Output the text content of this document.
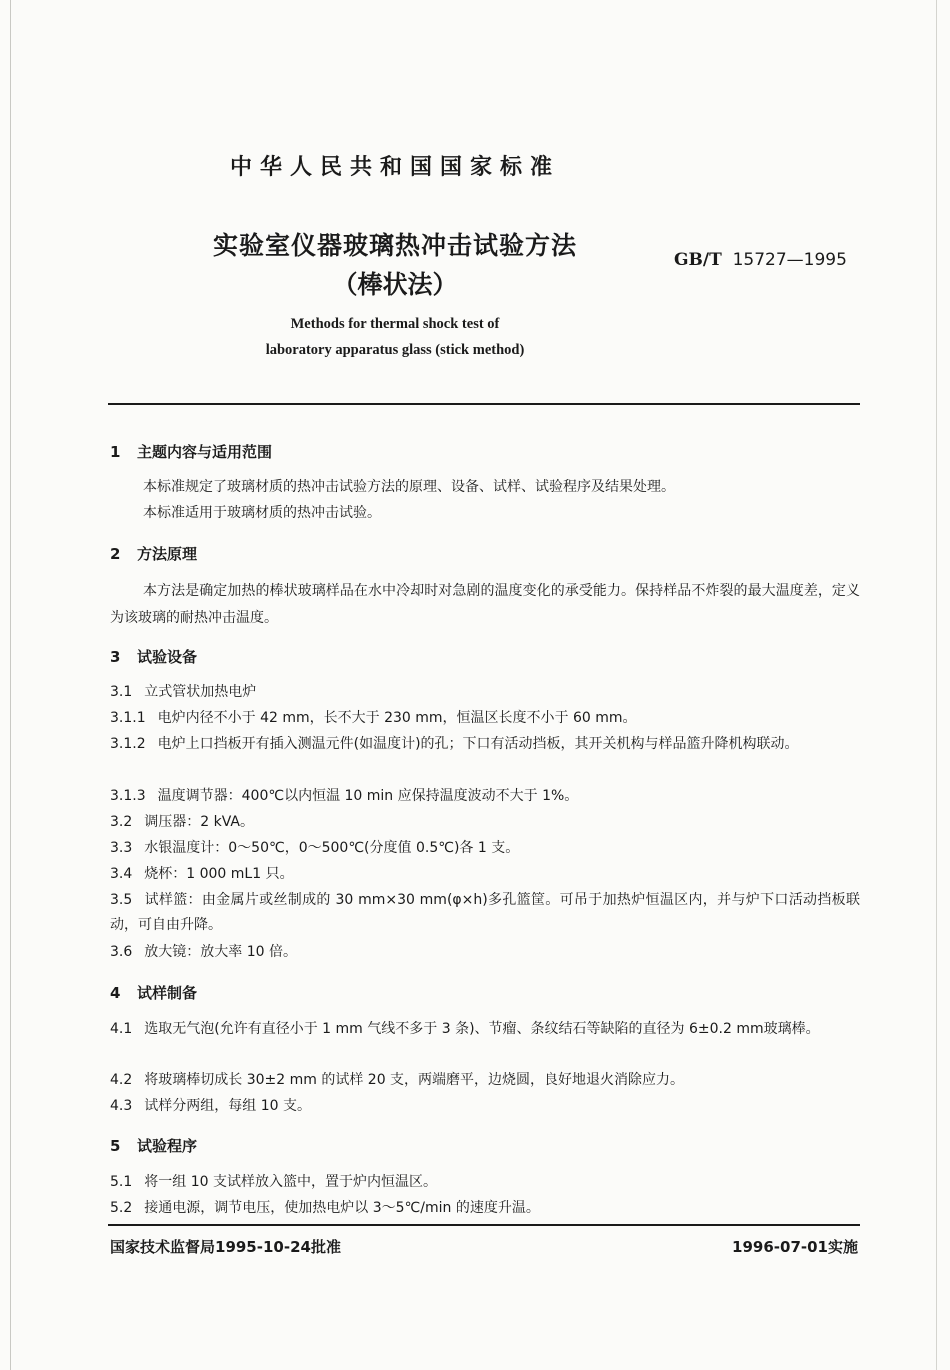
中华人民共和国国家标准
实验室仪器玻璃热冲击试验方法
（棒状法）
GB/T 15727—1995
Methods for thermal shock test of
laboratory apparatus glass (stick method)
1 主题内容与适用范围
本标准规定了玻璃材质的热冲击试验方法的原理、设备、试样、试验程序及结果处理。
本标准适用于玻璃材质的热冲击试验。
2 方法原理
本方法是确定加热的棒状玻璃样品在水中冷却时对急剧的温度变化的承受能力。保持样品不炸裂的最大温度差，定义为该玻璃的耐热冲击温度。
3 试验设备
3.1 立式管状加热电炉
3.1.1 电炉内径不小于 42 mm，长不大于 230 mm，恒温区长度不小于 60 mm。
3.1.2 电炉上口挡板开有插入测温元件(如温度计)的孔；下口有活动挡板，其开关机构与样品篮升降机构联动。
3.1.3 温度调节器：400℃以内恒温 10 min 应保持温度波动不大于 1%。
3.2 调压器：2 kVA。
3.3 水银温度计：0～50℃，0～500℃(分度值 0.5℃)各 1 支。
3.4 烧杯：1 000 mL1 只。
3.5 试样篮：由金属片或丝制成的 30 mm×30 mm(φ×h)多孔篮筐。可吊于加热炉恒温区内，并与炉下口活动挡板联动，可自由升降。
3.6 放大镜：放大率 10 倍。
4 试样制备
4.1 选取无气泡(允许有直径小于 1 mm 气线不多于 3 条)、节瘤、条纹结石等缺陷的直径为 6±0.2 mm玻璃棒。
4.2 将玻璃棒切成长 30±2 mm 的试样 20 支，两端磨平，边烧圆，良好地退火消除应力。
4.3 试样分两组，每组 10 支。
5 试验程序
5.1 将一组 10 支试样放入篮中，置于炉内恒温区。
5.2 接通电源，调节电压，使加热电炉以 3～5℃/min 的速度升温。
国家技术监督局1995-10-24批准	1996-07-01实施
